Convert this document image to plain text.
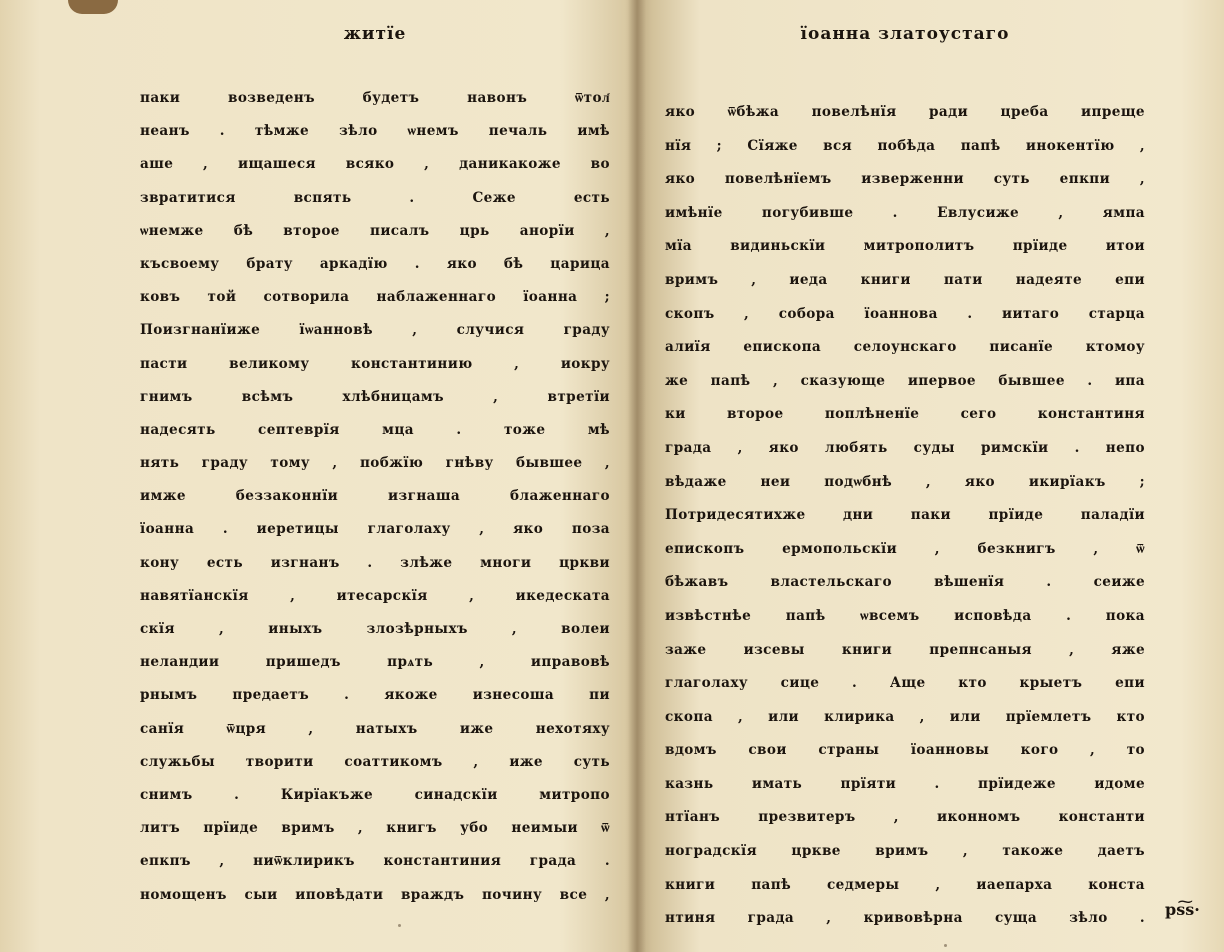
житїе
паки возведенъ будетъ навонъ ѿтол҃
неанъ . тѣмже зѣло ѡнемъ печаль имѣ
аше , ищашеся всяко , даникакоже во
звратитися вспять . Сеже есть
ѡнемже бѣ второе писалъ црь анорїи ,
късвоему брату аркадїю . яко бѣ царица
ковъ той сотворила наблаженнаго їоанна ;
Поизгнанїиже їѡанновѣ , случися граду
пасти великому константинию , иокру
гнимъ всѣмъ хлѣбницамъ , втретїи
надесять септеврїя мца . тоже мѣ
нять граду тому , побжїю гнѣву бывшее ,
имже беззаконнїи изгнаша блаженнаго
їоанна . иеретицы глаголаху , яко поза
кону есть изгнанъ . злѣже многи цркви
навятїанскїя , итесарскїя , икедеската
скїя , иныхъ злозѣрныхъ , волеи
неландии пришедъ прѧть , иправовѣ
рнымъ предаетъ . якоже изнесоша пи
санїя ѿцря , натыхъ иже нехотяху
служьбы творити соаттикомъ , иже суть
снимъ . Кирїакъже синадскїи митропо
литъ прїиде вримъ , книгъ убо неимыи ѿ
епкпъ , ниѿклирикъ константиния града .
номощенъ сыи иповѣдати враждъ почину все ,
їоанна златоустаго
яко ѿбѣжа повелѣнїя ради цреба ипреще
нїя ; Сїяже вся побѣда папѣ инокентїю ,
яко повелѣнїемъ изверженни суть епкпи ,
имѣнїе погубивше . Евлусиже , ямпа
мїа видиньскїи митрополитъ прїиде итои
вримъ , иеда книги пати надеяте епи
скопъ , собора їоаннова . иитаго старца
алиїя епископа селоунскаго писанїе ктомоу
же папѣ , сказующе ипервое бывшее . ипа
ки второе поплѣненїе сего константиня
града , яко любять суды римскїи . непо
вѣдаже неи подѡбнѣ , яко икирїакъ ;
Потридесятихже дни паки прїиде паладїи
епископъ ермопольскїи , безкнигъ , ѿ
бѣжавъ властельскаго вѣшенїя . сеиже
извѣстнѣе папѣ ѡвсемъ исповѣда . пока
заже изсевы книги препнсаныя , яже
глаголаху сице . Аще кто крыетъ епи
скопа , или клирика , или прїемлетъ кто
вдомъ свои страны їоанновы кого , то
казнь имать прїяти . прїидеже идоме
нтїанъ презвитеръ , иконномъ константи
ноградскїя цркве вримъ , такоже даетъ
книги папѣ седмеры , иаепарха конста
нтиня града , кривовѣрна суща зѣло . рѕ͠ѕ·
